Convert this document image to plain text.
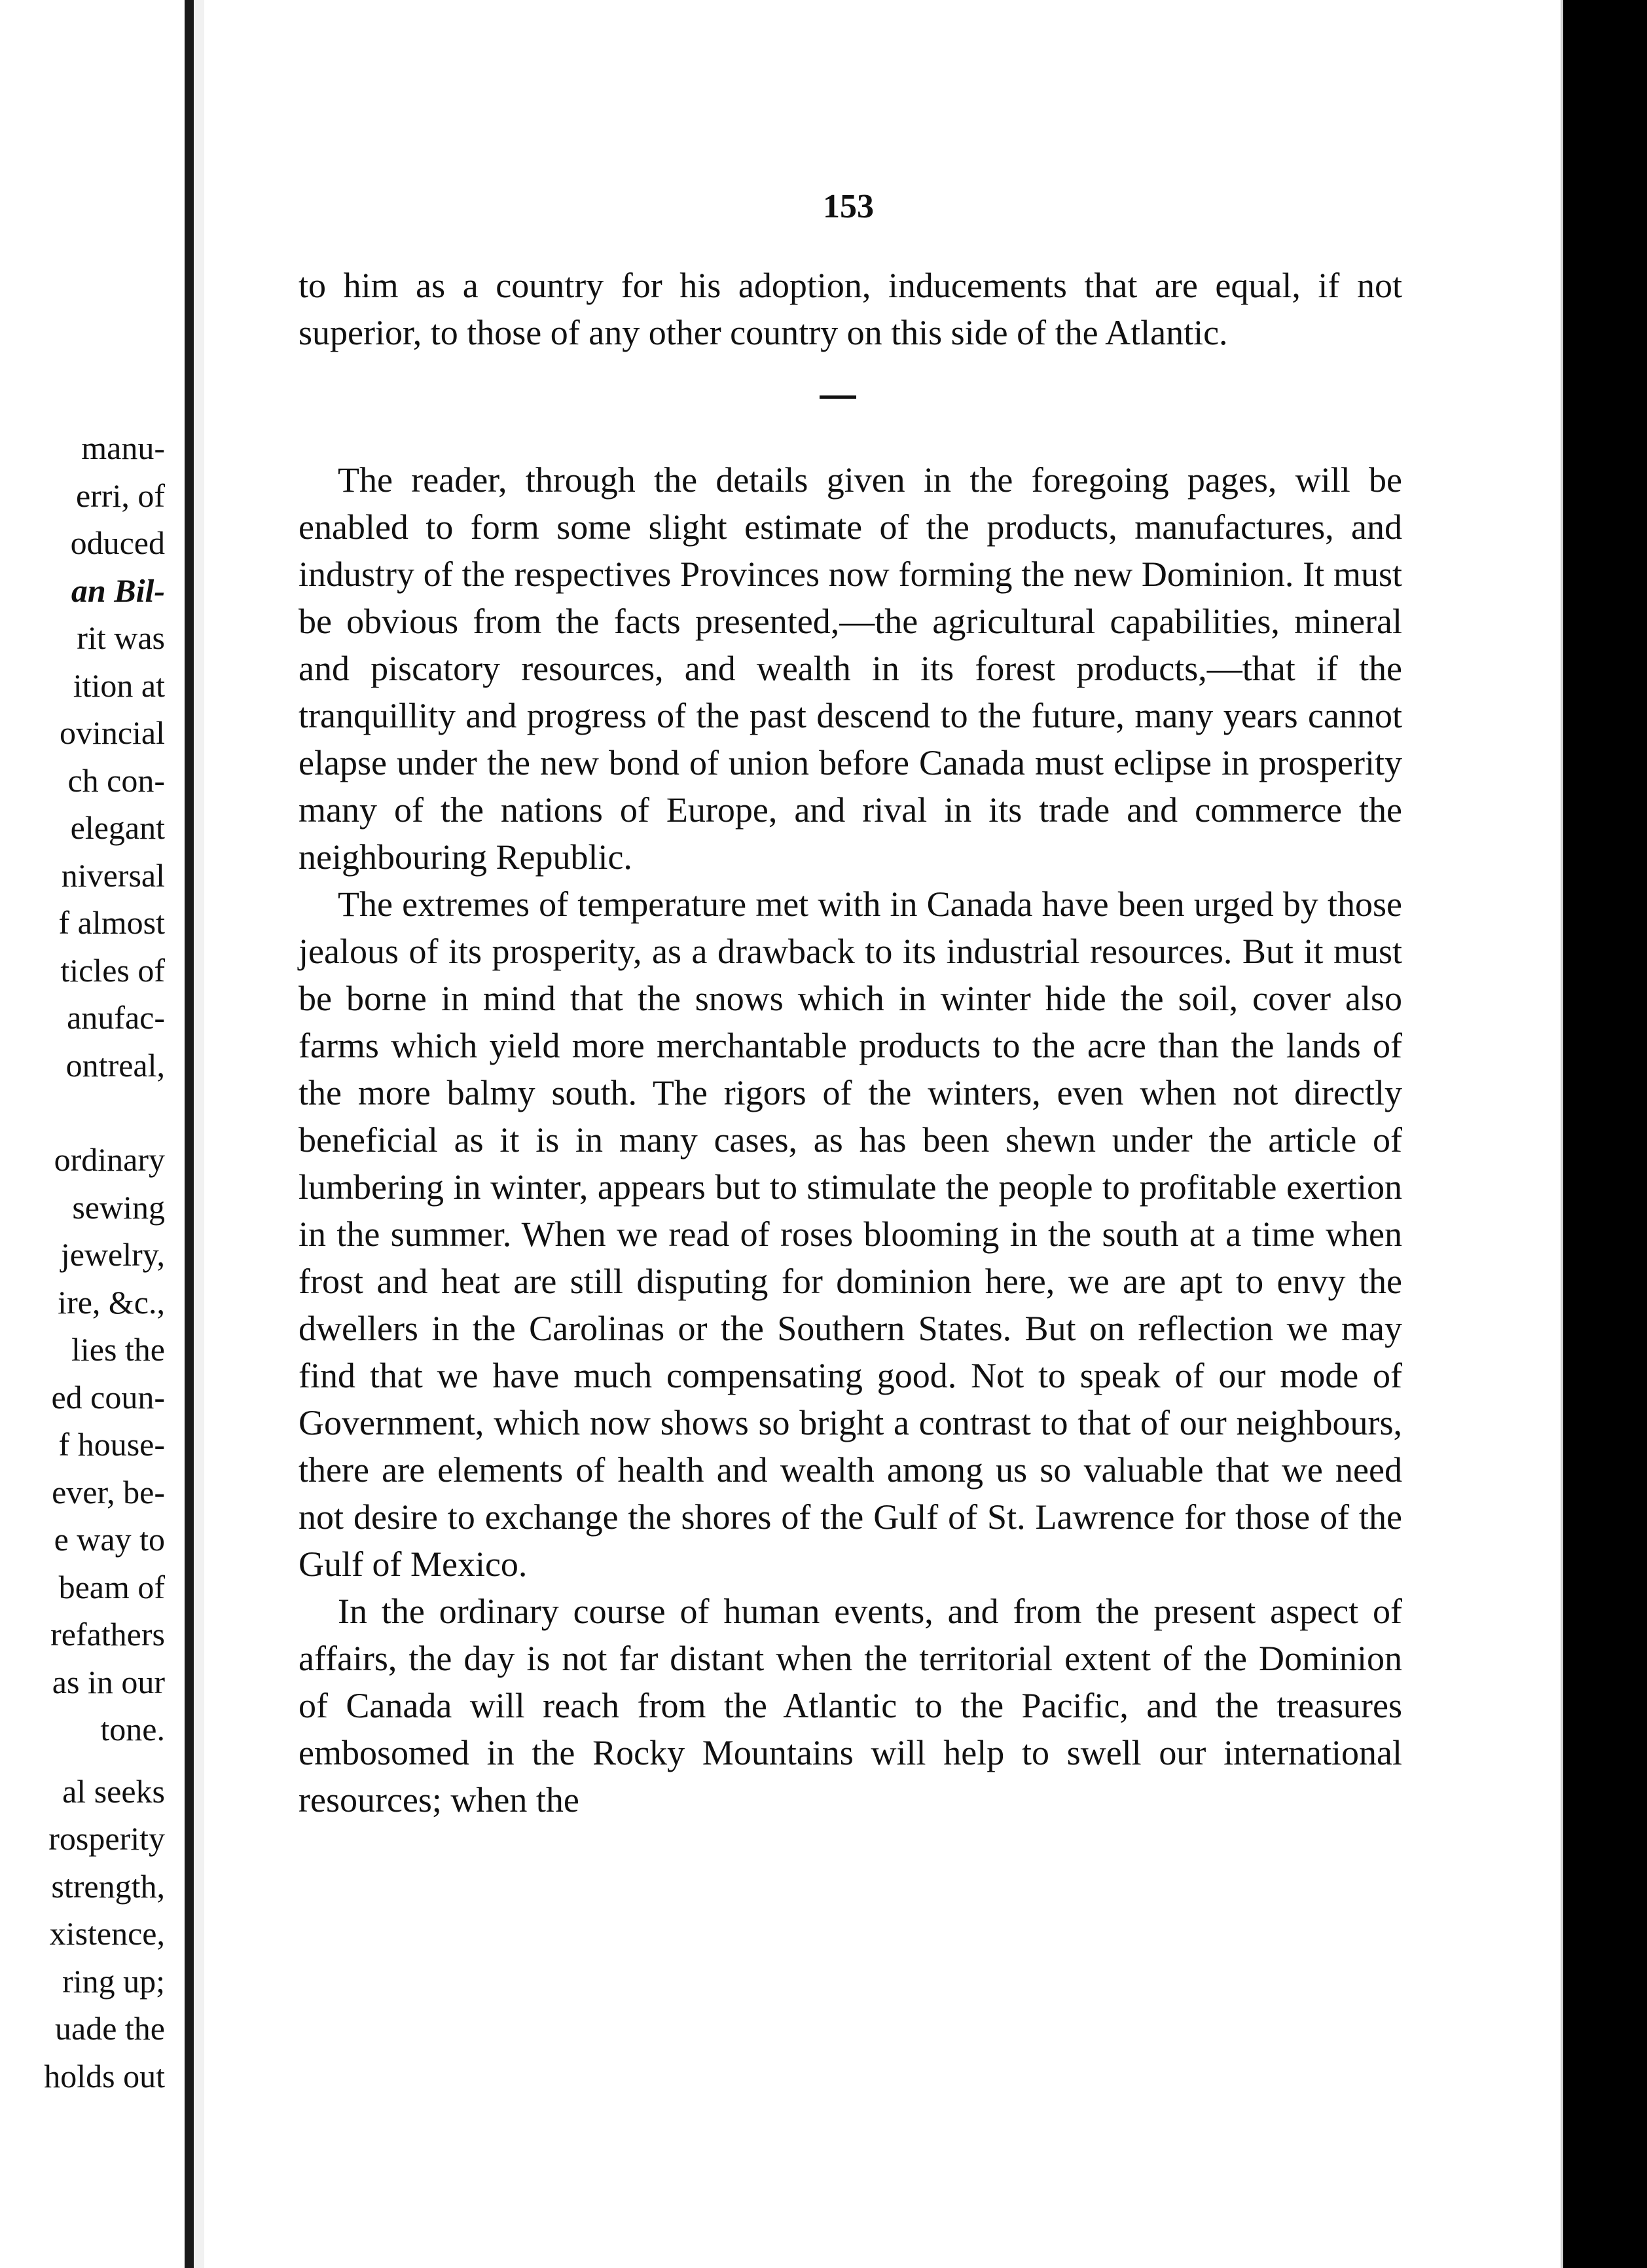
manu-
erri, of
oduced
an Bil-
rit was
ition at
ovincial
ch con-
elegant
niversal
f almost
ticles of
anufac-
ontreal,
ordinary
sewing
jewelry,
ire, &c.,
lies the
ed coun-
f house-
ever, be-
e way to
beam of
refathers
as in our
tone.
al seeks
rosperity
strength,
xistence,
ring up;
uade the
holds out
153

to him as a country for his adoption, inducements that are equal, if not superior, to those of any other country on this side of the Atlantic.

The reader, through the details given in the foregoing pages, will be enabled to form some slight estimate of the products, manufactures, and industry of the respectives Provinces now forming the new Dominion. It must be obvious from the facts presented,—the agricultural capabilities, mineral and piscatory resources, and wealth in its forest products,—that if the tranquillity and progress of the past descend to the future, many years cannot elapse under the new bond of union before Canada must eclipse in prosperity many of the nations of Europe, and rival in its trade and commerce the neighbouring Republic.

The extremes of temperature met with in Canada have been urged by those jealous of its prosperity, as a drawback to its industrial resources. But it must be borne in mind that the snows which in winter hide the soil, cover also farms which yield more merchantable products to the acre than the lands of the more balmy south. The rigors of the winters, even when not directly beneficial as it is in many cases, as has been shewn under the article of lumbering in winter, appears but to stimulate the people to profitable exertion in the summer. When we read of roses blooming in the south at a time when frost and heat are still disputing for dominion here, we are apt to envy the dwellers in the Carolinas or the Southern States. But on reflection we may find that we have much compensating good. Not to speak of our mode of Government, which now shows so bright a contrast to that of our neighbours, there are elements of health and wealth among us so valuable that we need not desire to exchange the shores of the Gulf of St. Lawrence for those of the Gulf of Mexico.

In the ordinary course of human events, and from the present aspect of affairs, the day is not far distant when the territorial extent of the Dominion of Canada will reach from the Atlantic to the Pacific, and the treasures embosomed in the Rocky Mountains will help to swell our international resources; when the
